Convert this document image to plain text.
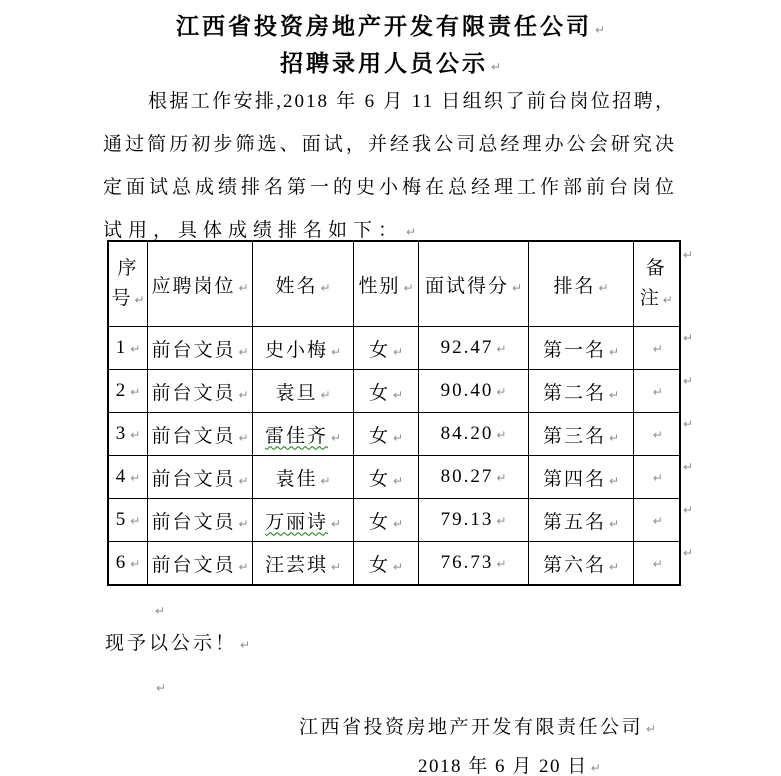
江西省投资房地产开发有限责任公司 ↵
招聘录用人员公示 ↵
根据工作安排,2018 年 6 月 11 日组织了前台岗位招聘，
通过简历初步筛选、面试，并经我公司总经理办公会研究决
定面试总成绩排名第一的史小梅在总经理工作部前台岗位
试用，具体成绩排名如下： ↵
序号 ↵	应聘岗位 ↵	姓名 ↵	性别 ↵	面试得分 ↵	排名 ↵	备注 ↵
1 ↵	前台文员 ↵	史小梅 ↵	女 ↵	92.47 ↵	第一名 ↵	↵
2 ↵	前台文员 ↵	袁旦 ↵	女 ↵	90.40 ↵	第二名 ↵	↵
3 ↵	前台文员 ↵	雷佳齐 ↵	女 ↵	84.20 ↵	第三名 ↵	↵
4 ↵	前台文员 ↵	袁佳 ↵	女 ↵	80.27 ↵	第四名 ↵	↵
5 ↵	前台文员 ↵	万丽诗 ↵	女 ↵	79.13 ↵	第五名 ↵	↵
6 ↵	前台文员 ↵	汪芸琪 ↵	女 ↵	76.73 ↵	第六名 ↵	↵
↵
↵
↵
↵
↵
↵
↵
↵
↵
现予以公示！ ↵
江西省投资房地产开发有限责任公司 ↵
2018 年 6 月 20 日 ↵
